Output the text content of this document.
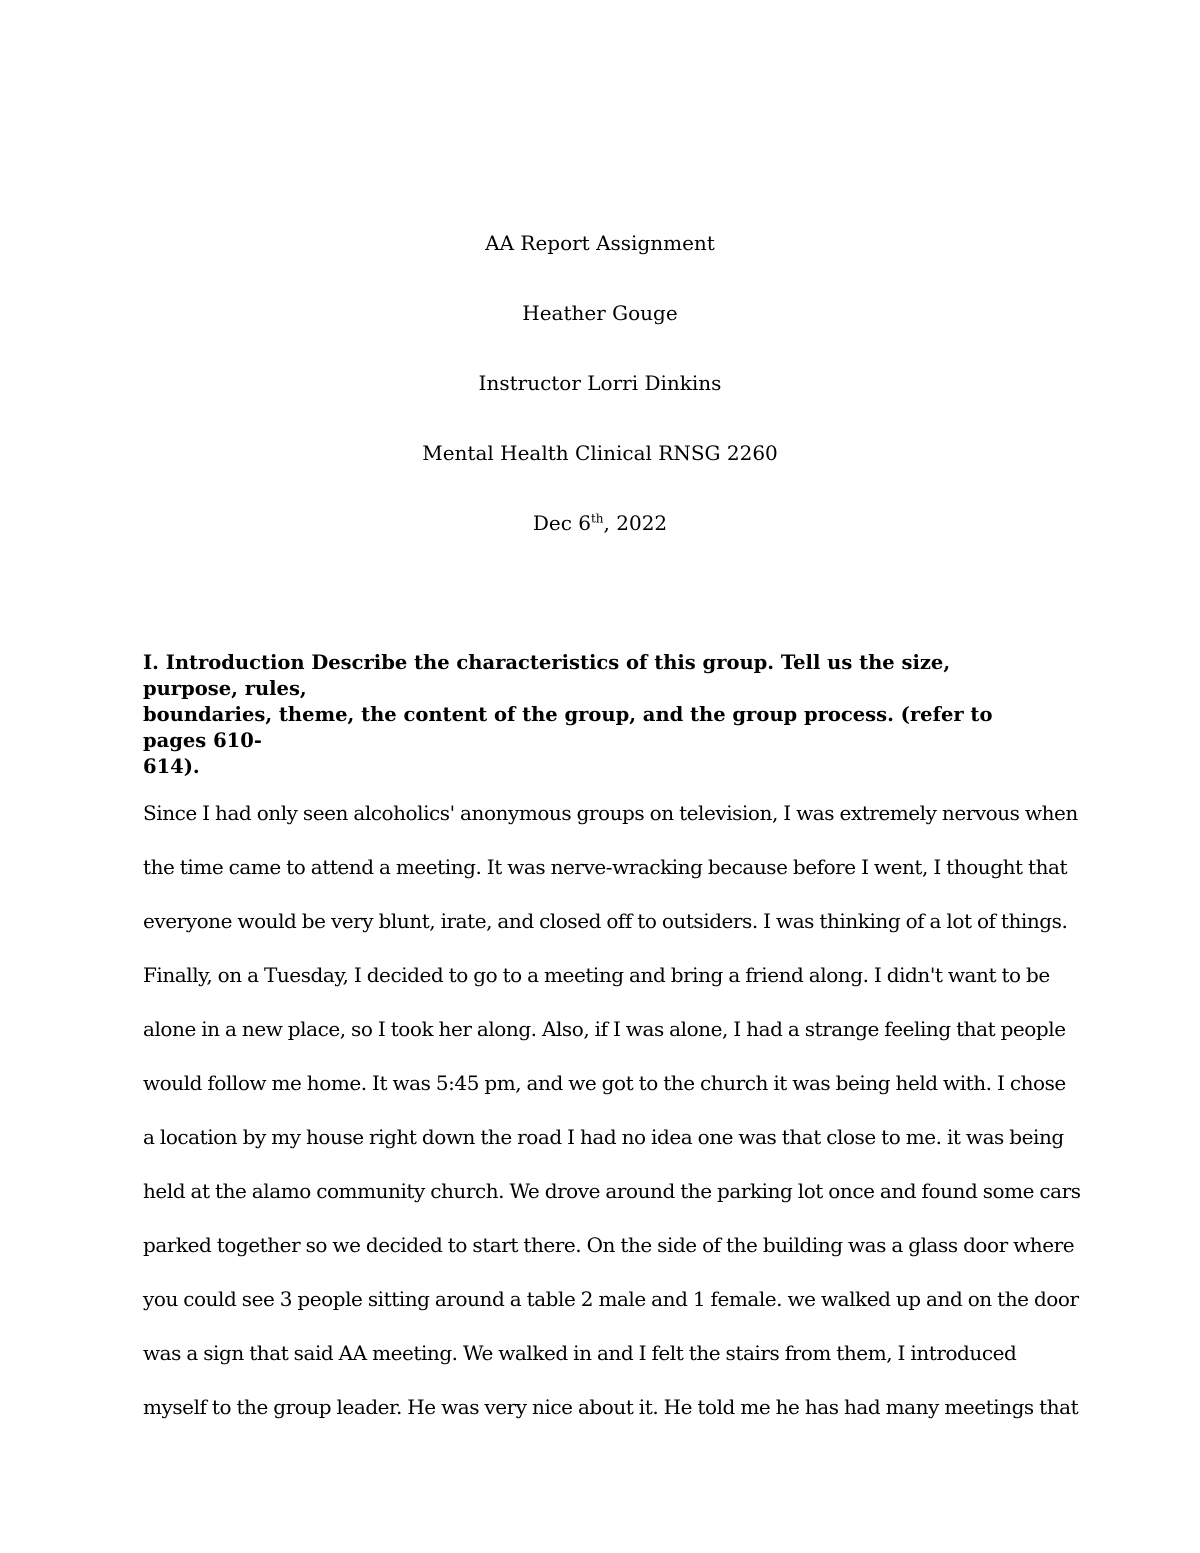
AA Report Assignment

Heather Gouge

Instructor Lorri Dinkins

Mental Health Clinical RNSG 2260

Dec 6th, 2022

I. Introduction Describe the characteristics of this group. Tell us the size, purpose, rules,
boundaries, theme, the content of the group, and the group process. (refer to pages 610-
614).
Since I had only seen alcoholics' anonymous groups on television, I was extremely nervous when
the time came to attend a meeting. It was nerve-wracking because before I went, I thought that
everyone would be very blunt, irate, and closed off to outsiders. I was thinking of a lot of things.
Finally, on a Tuesday, I decided to go to a meeting and bring a friend along. I didn't want to be
alone in a new place, so I took her along. Also, if I was alone, I had a strange feeling that people
would follow me home. It was 5:45 pm, and we got to the church it was being held with. I chose
a location by my house right down the road I had no idea one was that close to me. it was being
held at the alamo community church. We drove around the parking lot once and found some cars
parked together so we decided to start there. On the side of the building was a glass door where
you could see 3 people sitting around a table 2 male and 1 female. we walked up and on the door
was a sign that said AA meeting. We walked in and I felt the stairs from them, I introduced
myself to the group leader. He was very nice about it. He told me he has had many meetings that
